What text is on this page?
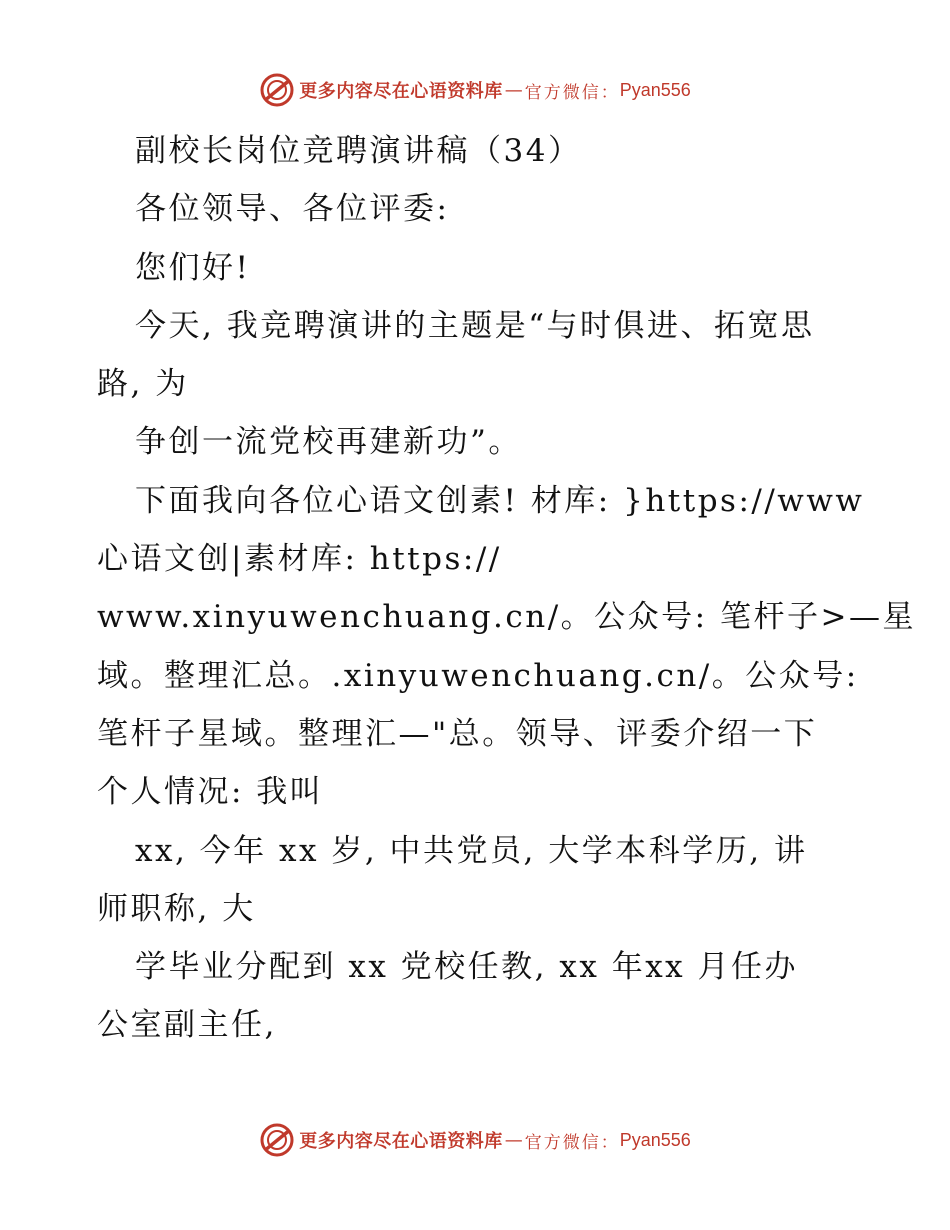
更多内容尽在心语资料库 — 官方微信： Pyan556
副校长岗位竞聘演讲稿（34）
各位领导、各位评委:
您们好!
今天, 我竞聘演讲的主题是“与时俱进、拓宽思
路, 为
争创一流党校再建新功”。
下面我向各位心语文创素! 材库: }https://www
心语文创|素材库: https://
www.xinyuwenchuang.cn/。公众号: 笔杆子>—星
域。整理汇总。.xinyuwenchuang.cn/。公众号:
笔杆子星域。整理汇—"总。领导、评委介绍一下
个人情况: 我叫
xx, 今年 xx 岁, 中共党员, 大学本科学历, 讲
师职称, 大
学毕业分配到 xx 党校任教, xx 年xx 月任办
公室副主任,
更多内容尽在心语资料库 — 官方微信： Pyan556
